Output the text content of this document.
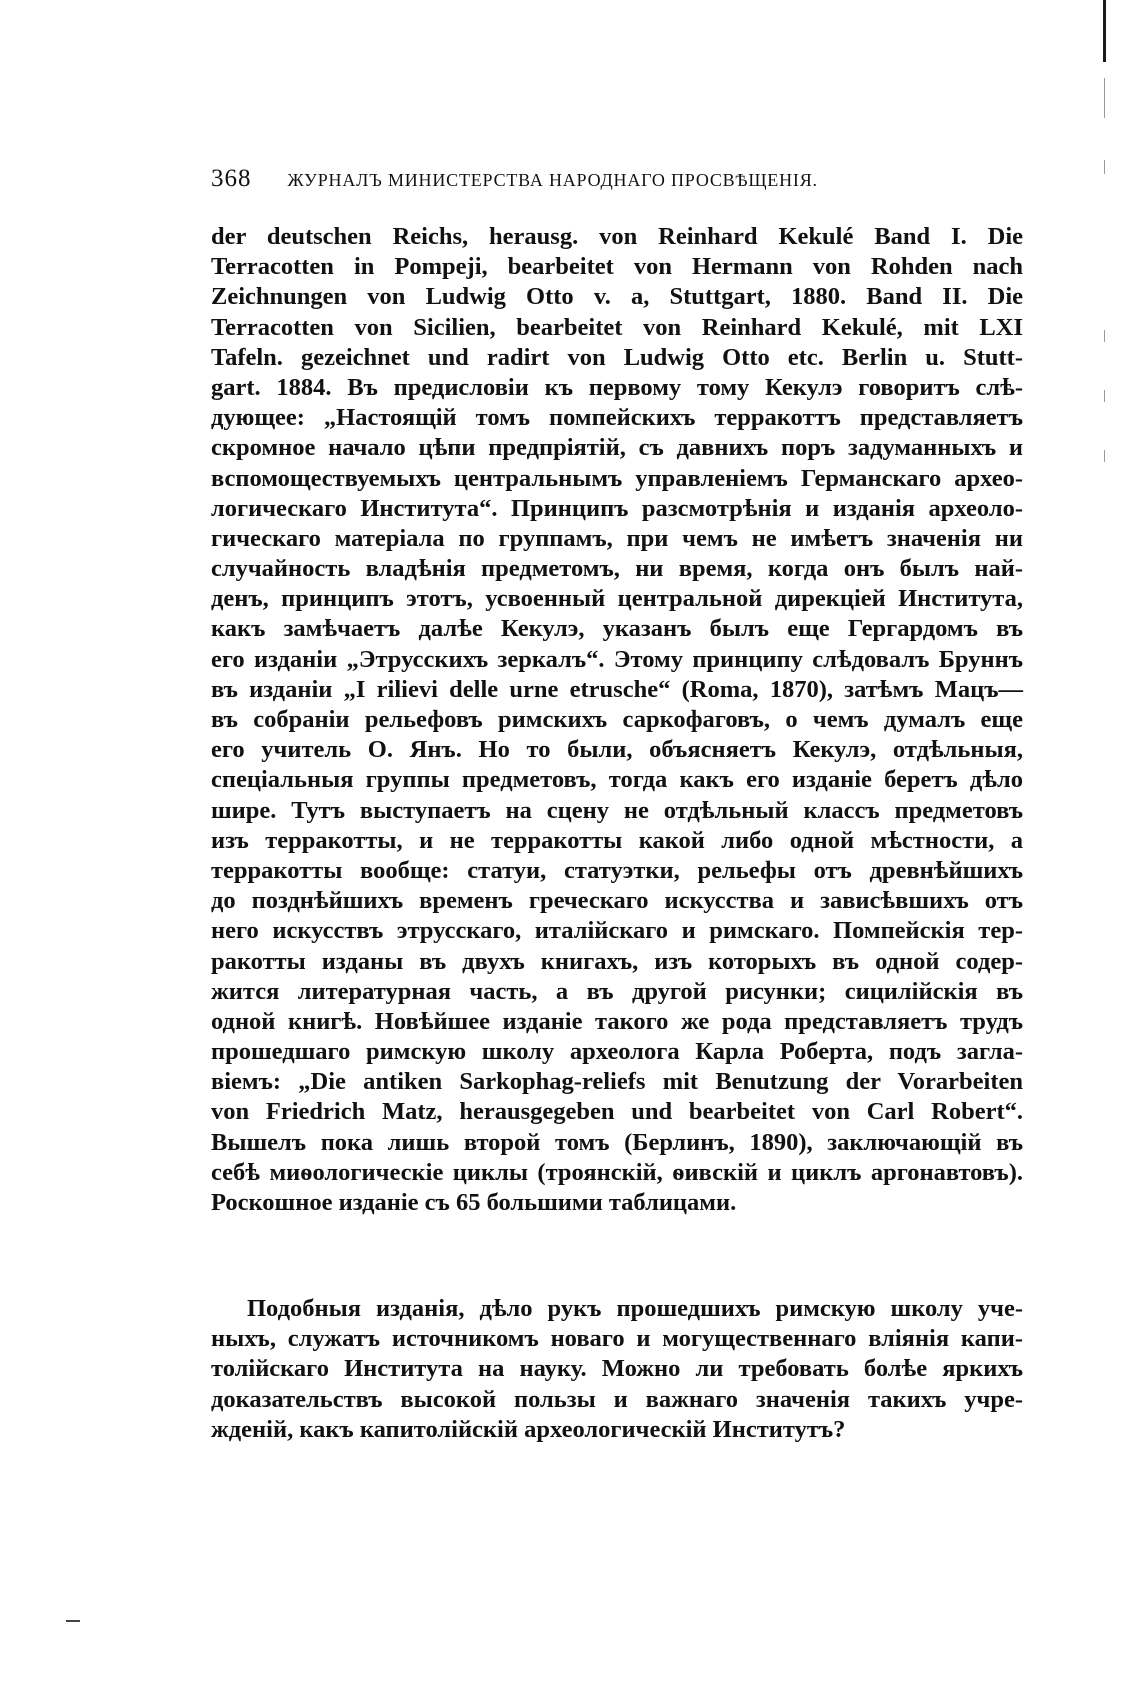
368 ЖУРНАЛЪ МИНИСТЕРСТВА НАРОДНАГО ПРОСВѢЩЕНІЯ.
der deutschen Reichs, herausg. von Reinhard Kekulé Band I. Die
Terracotten in Pompeji, bearbeitet von Hermann von Rohden nach
Zeichnungen von Ludwig Otto v. a, Stuttgart, 1880. Band II. Die
Terracotten von Sicilien, bearbeitet von Reinhard Kekulé, mit LXI
Tafeln. gezeichnet und radirt von Ludwig Otto etc. Berlin u. Stutt-
gart. 1884. Въ предисловіи къ первому тому Кекулэ говоритъ слѣ-
дующее: „Настоящій томъ помпейскихъ терракоттъ представляетъ
скромное начало цѣпи предпріятій, съ давнихъ поръ задуманныхъ и
вспомоществуемыхъ центральнымъ управленіемъ Германскаго архео-
логическаго Института“. Принципъ разсмотрѣнія и изданія археоло-
гическаго матеріала по группамъ, при чемъ не имѣетъ значенія ни
случайность владѣнія предметомъ, ни время, когда онъ былъ най-
денъ, принципъ этотъ, усвоенный центральной дирекціей Института,
какъ замѣчаетъ далѣе Кекулэ, указанъ былъ еще Гергардомъ въ
его изданіи „Этрусскихъ зеркалъ“. Этому принципу слѣдовалъ Бруннъ
въ изданіи „I rilievi delle urne etrusche“ (Roma, 1870), затѣмъ Мацъ—
въ собраніи рельефовъ римскихъ саркофаговъ, о чемъ думалъ еще
его учитель О. Янъ. Но то были, объясняетъ Кекулэ, отдѣльныя,
спеціальныя группы предметовъ, тогда какъ его изданіе беретъ дѣло
шире. Тутъ выступаетъ на сцену не отдѣльный классъ предметовъ
изъ терракотты, и не терракотты какой либо одной мѣстности, а
терракотты вообще: статуи, статуэтки, рельефы отъ древнѣйшихъ
до позднѣйшихъ временъ греческаго искусства и зависѣвшихъ отъ
него искусствъ этрусскаго, италійскаго и римскаго. Помпейскія тер-
ракотты изданы въ двухъ книгахъ, изъ которыхъ въ одной содер-
жится литературная часть, а въ другой рисунки; сицилійскія въ
одной книгѣ. Новѣйшее изданіе такого же рода представляетъ трудъ
прошедшаго римскую школу археолога Карла Роберта, подъ загла-
віемъ: „Die antiken Sarkophag-reliefs mit Benutzung der Vorarbeiten
von Friedrich Matz, herausgegeben und bearbeitet von Carl Robert“.
Вышелъ пока лишь второй томъ (Берлинъ, 1890), заключающій въ
себѣ миѳологическіе циклы (троянскій, ѳивскій и циклъ аргонавтовъ).
Роскошное изданіе съ 65 большими таблицами.
Подобныя изданія, дѣло рукъ прошедшихъ римскую школу уче-
ныхъ, служатъ источникомъ новаго и могущественнаго вліянія капи-
толійскаго Института на науку. Можно ли требовать болѣе яркихъ
доказательствъ высокой пользы и важнаго значенія такихъ учре-
жденій, какъ капитолійскій археологическій Институтъ?
